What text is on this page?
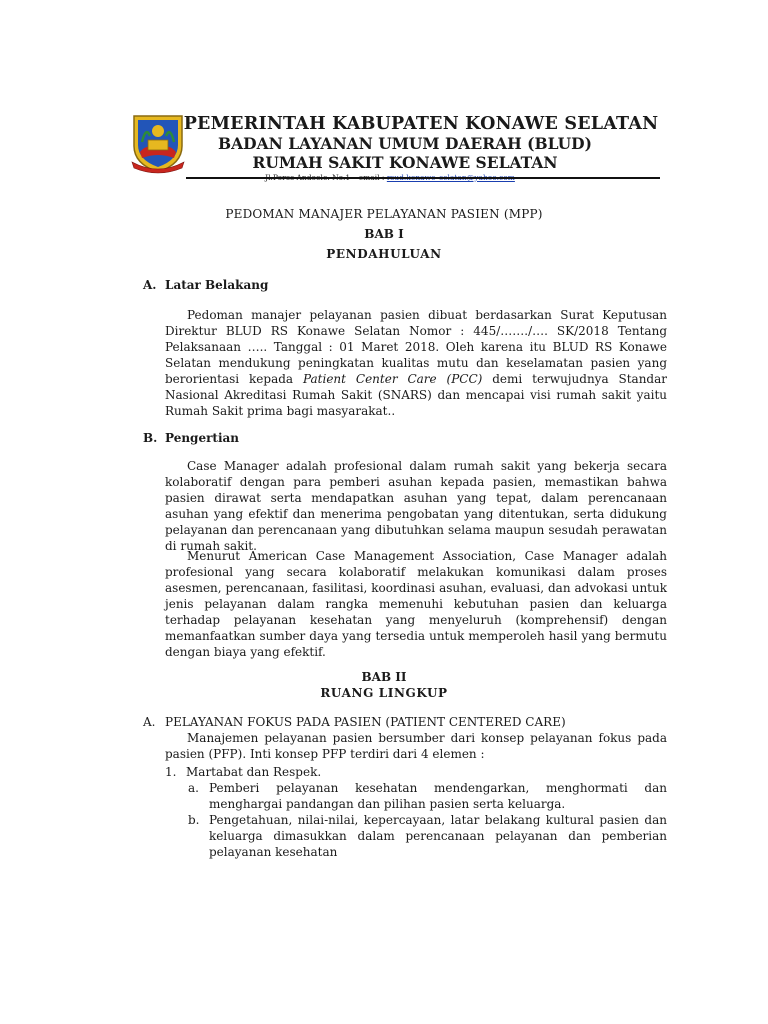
PEMERINTAH KABUPATEN KONAWE SELATAN
BADAN LAYANAN UMUM DAERAH (BLUD)
RUMAH SAKIT KONAWE SELATAN
Jl.Poros Andoolo. No.1 – email : rsud.konawe_selatan@yahoo.com
PEDOMAN MANAJER PELAYANAN PASIEN (MPP)
BAB I
PENDAHULUAN
A. Latar Belakang

Pedoman manajer pelayanan pasien dibuat berdasarkan Surat Keputusan Direktur BLUD RS Konawe Selatan Nomor : 445/……./…. SK/2018 Tentang Pelaksanaan ….. Tanggal : 01 Maret 2018. Oleh karena itu BLUD RS Konawe Selatan mendukung peningkatan kualitas mutu dan keselamatan pasien yang berorientasi kepada Patient Center Care (PCC) demi terwujudnya Standar Nasional Akreditasi Rumah Sakit (SNARS) dan mencapai visi rumah sakit yaitu Rumah Sakit prima bagi masyarakat..

B. Pengertian

Case Manager adalah profesional dalam rumah sakit yang bekerja secara kolaboratif dengan para pemberi asuhan kepada pasien, memastikan bahwa pasien dirawat serta mendapatkan asuhan yang tepat, dalam perencanaan asuhan yang efektif dan menerima pengobatan yang ditentukan, serta didukung pelayanan dan perencanaan yang dibutuhkan selama maupun sesudah perawatan di rumah sakit.

Menurut American Case Management Association, Case Manager adalah profesional yang secara kolaboratif melakukan komunikasi dalam proses asesmen, perencanaan, fasilitasi, koordinasi asuhan, evaluasi, dan advokasi untuk jenis pelayanan dalam rangka memenuhi kebutuhan pasien dan keluarga terhadap pelayanan kesehatan yang menyeluruh (komprehensif) dengan memanfaatkan sumber daya yang tersedia untuk memperoleh hasil yang bermutu dengan biaya yang efektif.

BAB II
RUANG LINGKUP
A. PELAYANAN FOKUS PADA PASIEN (PATIENT CENTERED CARE)

Manajemen pelayanan pasien bersumber dari konsep pelayanan fokus pada pasien (PFP). Inti konsep PFP terdiri dari 4 elemen :

1. Martabat dan Respek.
a. Pemberi pelayanan kesehatan mendengarkan, menghormati dan menghargai pandangan dan pilihan pasien serta keluarga.
b. Pengetahuan, nilai-nilai, kepercayaan, latar belakang kultural pasien dan keluarga dimasukkan dalam perencanaan pelayanan dan pemberian pelayanan kesehatan
